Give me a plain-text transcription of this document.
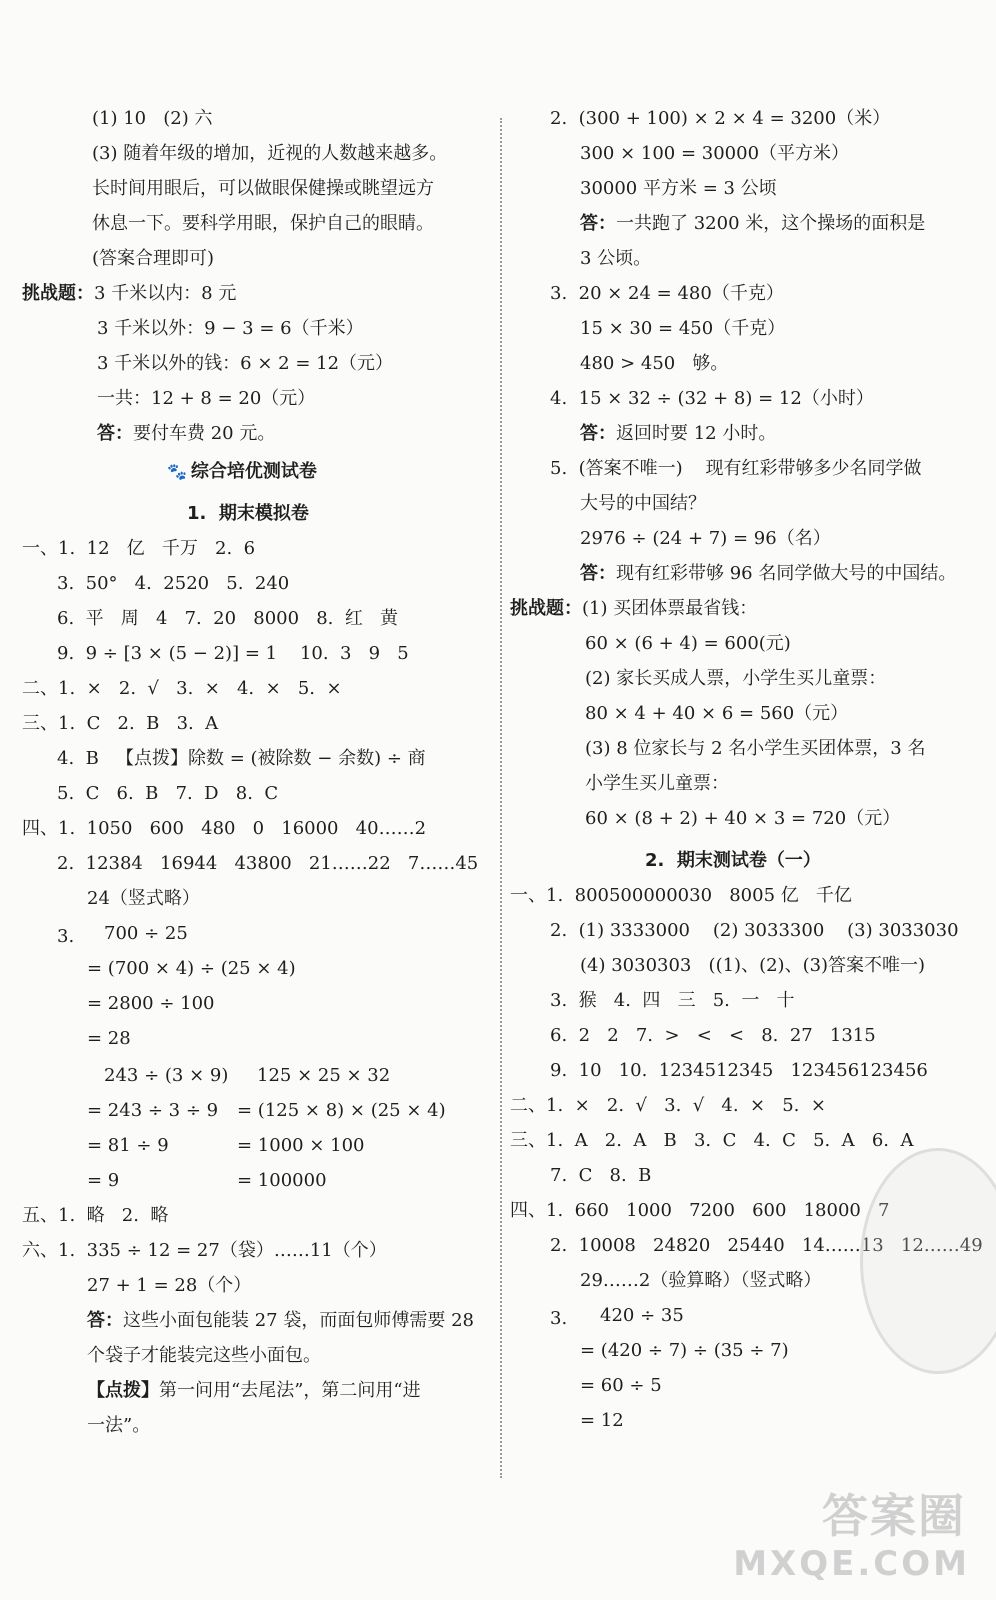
(1) 10   (2) 六
(3) 随着年级的增加，近视的人数越来越多。
长时间用眼后，可以做眼保健操或眺望远方
休息一下。要科学用眼，保护自己的眼睛。
(答案合理即可)
挑战题：3 千米以内：8 元
3 千米以外：9 − 3 = 6（千米）
3 千米以外的钱：6 × 2 = 12（元）
一共：12 + 8 = 20（元）
答：要付车费 20 元。
🐾 综合培优测试卷
1.  期末模拟卷
一、1.  12   亿   千万   2.  6
3.  50°   4.  2520   5.  240
6.  平   周   4   7.  20   8000   8.  红   黄
9.  9 ÷ [3 × (5 − 2)] = 1    10.  3   9   5
二、1.  ×   2.  √   3.  ×   4.  ×   5.  ×
三、1.  C   2.  B   3.  A
4.  B   【点拨】除数 = (被除数 − 余数) ÷ 商
5.  C   6.  B   7.  D   8.  C
四、1.  1050   600   480   0   16000   40……2
2.  12384   16944   43800   21……22   7……45
24（竖式略）
3. 700 ÷ 25
= (700 × 4) ÷ (25 × 4)
= 2800 ÷ 100
= 28
243 ÷ (3 × 9) 125 × 25 × 32
= 243 ÷ 3 ÷ 9 = (125 × 8) × (25 × 4)
= 81 ÷ 9	= 1000 × 100
= 9	= 100000
五、1.  略   2.  略
六、1.  335 ÷ 12 = 27（袋）……11（个）
27 + 1 = 28（个）
答：这些小面包能装 27 袋，而面包师傅需要 28
个袋子才能装完这些小面包。
【点拨】第一问用“去尾法”，第二问用“进
一法”。
2.  (300 + 100) × 2 × 4 = 3200（米）
300 × 100 = 30000（平方米）
30000 平方米 = 3 公顷
答：一共跑了 3200 米，这个操场的面积是
3 公顷。
3.  20 × 24 = 480（千克）
15 × 30 = 450（千克）
480 > 450   够。
4.  15 × 32 ÷ (32 + 8) = 12（小时）
答：返回时要 12 小时。
5.  (答案不唯一)    现有红彩带够多少名同学做
大号的中国结？
2976 ÷ (24 + 7) = 96（名）
答：现有红彩带够 96 名同学做大号的中国结。
挑战题：(1) 买团体票最省钱：
60 × (6 + 4) = 600(元)
(2) 家长买成人票，小学生买儿童票：
80 × 4 + 40 × 6 = 560（元）
(3) 8 位家长与 2 名小学生买团体票，3 名
小学生买儿童票：
60 × (8 + 2) + 40 × 3 = 720（元）
2.  期末测试卷（一）
一、1.  800500000030   8005 亿   千亿
2.  (1) 3333000    (2) 3033300    (3) 3033030
(4) 3030303   ((1)、(2)、(3)答案不唯一)
3.  猴   4.  四   三   5.  一   十
6.  2   2   7.  >   <   <   8.  27   1315
9.  10   10.  1234512345   123456123456
二、1.  ×   2.  √   3.  √   4.  ×   5.  ×
三、1.  A   2.  A   B   3.  C   4.  C   5.  A   6.  A
7.  C   8.  B
四、1.  660   1000   7200   600   18000   7
2.  10008   24820   25440   14……13   12……49
29……2（验算略）（竖式略）
3. 420 ÷ 35
= (420 ÷ 7) ÷ (35 ÷ 7)
= 60 ÷ 5
= 12
答案圈
MXQE.COM
